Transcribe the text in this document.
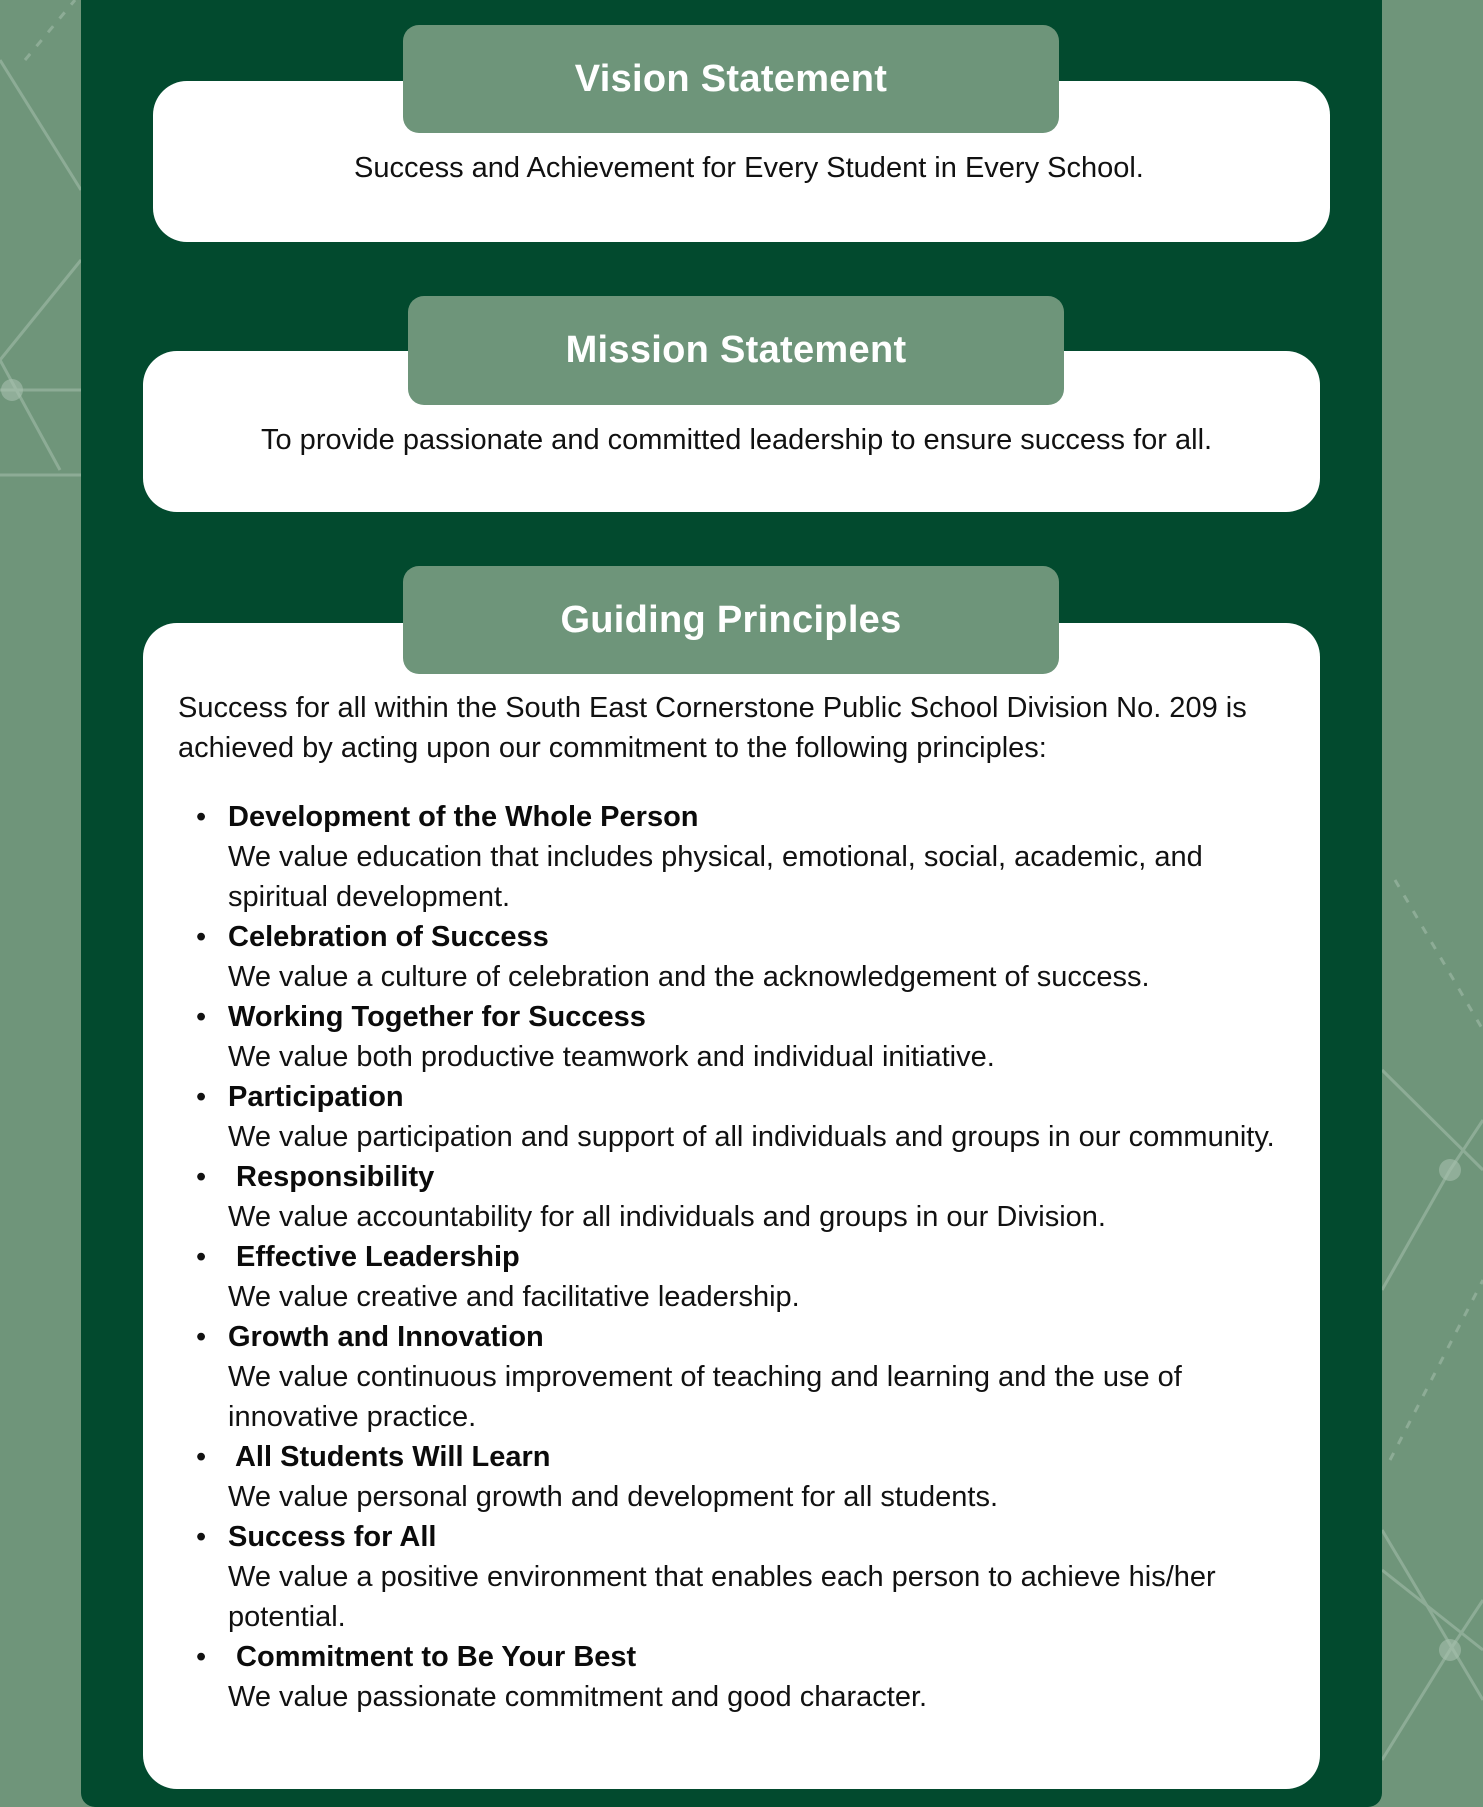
Success and Achievement for Every Student in Every School.
Vision Statement
To provide passionate and committed leadership to ensure success for all.
Mission Statement
Guiding Principles

Success for all within the South East Cornerstone Public School Division No. 209 is achieved by acting upon our commitment to the following principles:

• Development of the Whole Person
We value education that includes physical, emotional, social, academic, and spiritual development.
• Celebration of Success
We value a culture of celebration and the acknowledgement of success.
• Working Together for Success
We value both productive teamwork and individual initiative.
• Participation
We value participation and support of all individuals and groups in our community.
• Responsibility
We value accountability for all individuals and groups in our Division.
• Effective Leadership
We value creative and facilitative leadership.
• Growth and Innovation
We value continuous improvement of teaching and learning and the use of innovative practice.
• All Students Will Learn
We value personal growth and development for all students.
• Success for All
We value a positive environment that enables each person to achieve his/her potential.
• Commitment to Be Your Best
We value passionate commitment and good character.
